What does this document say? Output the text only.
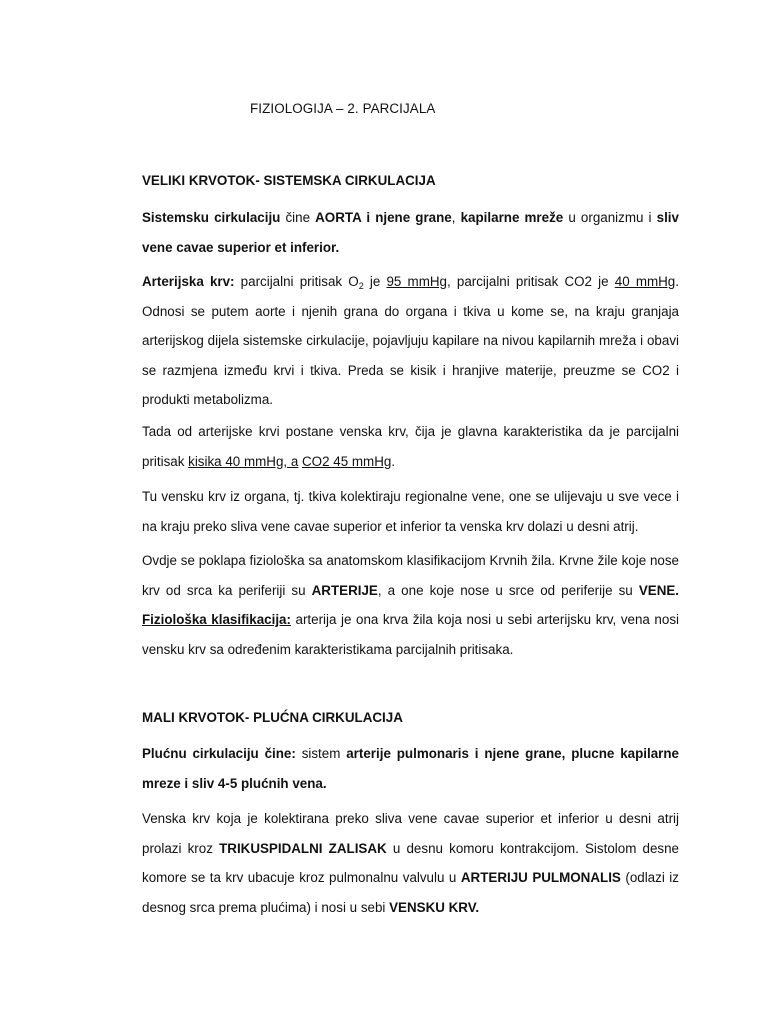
FIZIOLOGIJA – 2. PARCIJALA
VELIKI KRVOTOK- SISTEMSKA CIRKULACIJA
Sistemsku cirkulaciju čine AORTA i njene grane, kapilarne mreže u organizmu i sliv vene cavae superior et inferior.
Arterijska krv: parcijalni pritisak $O_2$ je 95 mmHg, parcijalni pritisak CO2 je 40 mmHg. Odnosi se putem aorte i njenih grana do organa i tkiva u kome se, na kraju granjaja arterijskog dijela sistemske cirkulacije, pojavljuju kapilare na nivou kapilarnih mreža i obavi se razmjena između krvi i tkiva. Preda se kisik i hranjive materije, preuzme se CO2 i produkti metabolizma.
Tada od arterijske krvi postane venska krv, čija je glavna karakteristika da je parcijalni pritisak kisika 40 mmHg, a CO2 45 mmHg.
Tu vensku krv iz organa, tj. tkiva kolektiraju regionalne vene, one se ulijevaju u sve vece i na kraju preko sliva vene cavae superior et inferior ta venska krv dolazi u desni atrij.
Ovdje se poklapa fiziološka sa anatomskom klasifikacijom Krvnih žila. Krvne žile koje nose krv od srca ka periferiji su ARTERIJE, a one koje nose u srce od periferije su VENE. Fiziološka klasifikacija: arterija je ona krva žila koja nosi u sebi arterijsku krv, vena nosi vensku krv sa određenim karakteristikama parcijalnih pritisaka.
MALI KRVOTOK- PLUĆNA CIRKULACIJA
Plućnu cirkulaciju čine: sistem arterije pulmonaris i njene grane, plucne kapilarne mreze i sliv 4-5 plućnih vena.
Venska krv koja je kolektirana preko sliva vene cavae superior et inferior u desni atrij prolazi kroz TRIKUSPIDALNI ZALISAK u desnu komoru kontrakcijom. Sistolom desne komore se ta krv ubacuje kroz pulmonalnu valvulu u ARTERIJU PULMONALIS (odlazi iz desnog srca prema plućima) i nosi u sebi VENSKU KRV.
